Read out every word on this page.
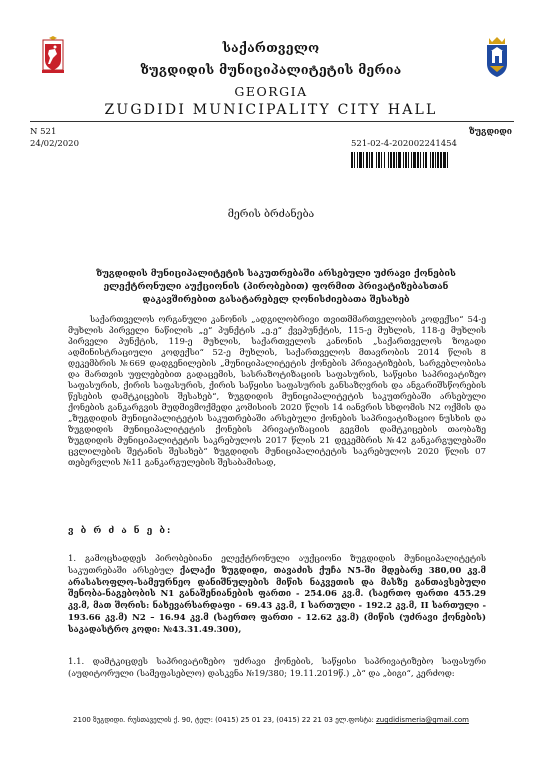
საქართველო
ზუგდიდის მუნიციპალიტეტის მერია
GEORGIA
ZUGDIDI MUNICIPALITY CITY HALL
N 521
24/02/2020
ზუგდიდი
521-02-4-202002241454
მერის ბრძანება
ზუგდიდის მუნიციპალიტეტის საკუთრებაში არსებული უძრავი ქონების ელექტრონული აუქციონის (პირობებით) ფორმით პრივატიზებასთან დაკავშირებით გასატარებელ ღონისძიებათა შესახებ

საქართველოს ორგანული კანონის „ადგილობრივი თვითმმართველობის კოდექსი“ 54-ე მუხლის პირველი ნაწილის „ე“ პუნქტის „ე.ე“ ქვეპუნქტის, 115-ე მუხლის, 118-ე მუხლის პირველი პუნქტის, 119-ე მუხლის, საქართველოს კანონის „საქართველოს ზოგადი ადმინისტრაციული კოდექსი“ 52-ე მუხლის, საქართველოს მთავრობის 2014 წლის 8 დეკემბრის №669 დადგენილების „მუნიციპალიტეტის ქონების პრივატიზების, სარგებლობისა და მართვის უფლებებით გადაცემის, სასრაზოტიზაციის საფასურის, საწყისი საპრივატიზეო საფასურის, ქირის საფასურის, ქირის საწყისი საფასურის განსაზღვრის და ანგარიშსწორების წესების დამტკიცების შესახებ“, ზუგდიდის მუნიციპალიტეტის საკუთრებაში არსებული ქონების განკარგვის მუდმივმოქმედი კომისიის 2020 წლის 14 იანვრის სხდომის N2 ოქმის და „ზუგდიდის მუნიციპალიტეტის საკუთრებაში არსებული ქონების საპრივატიზაციო ნუსხის და ზუგდიდის მუნიციპალიტეტის ქონების პრივატიზაციის გეგმის დამტკიცების თაობაზე ზუგდიდის მუნიციპალიტეტის საკრებულოს 2017 წლის 21 დეკემბრის №42 განკარგულებაში ცვლილების შეტანის შესახებ“ ზუგდიდის მუნიციპალიტეტის საკრებულოს 2020 წლის 07 თებერვლის №11 განკარგულების შესაბამისად,

ვ ბ რ ძ ა ნ ე ბ:

1. გამოცხადდეს პირობებიანი ელექტრონული აუქციონი ზუგდიდის მუნიციპალიტეტის საკუთრებაში არსებულ ქალაქი ზუგდიდი, თავაძის ქუჩა N5-ში მდებარე 380,00 კვ.მ არასასოფლო-სამეურნეო დანიშნულების მიწის ნაკვეთის და მასზე განთავსებული შენობა-ნაგებობის N1 განაშენიანების ფართი - 254.06 კვ.მ. (საერთო ფართი 455.29 კვ.მ, მათ შორის: ნახევარსარდაფი - 69.43 კვ.მ, I სართული - 192.2 კვ.მ, II სართული - 193.66 კვ.მ) N2 – 16.94 კვ.მ (საერთო ფართი - 12.62 კვ.მ) (მიწის (უძრავი ქონების) საკადასტრო კოდი: №43.31.49.300),

1.1. დამტკიცდეს საპრივატიზებო უძრავი ქონების, საწყისი საპრივატიზებო საფასური (აუდიტორული (სამეფასებლო) დასკვნა №19/380; 19.11.2019წ.) „ბ“ და „ბიგი“, კერძოდ:

2100 ზუგდიდი. რუსთაველის ქ. 90, ტელ: (0415) 25 01 23, (0415) 22 21 03 ელ.ფოსტა: zugdidismeria@gmail.com
